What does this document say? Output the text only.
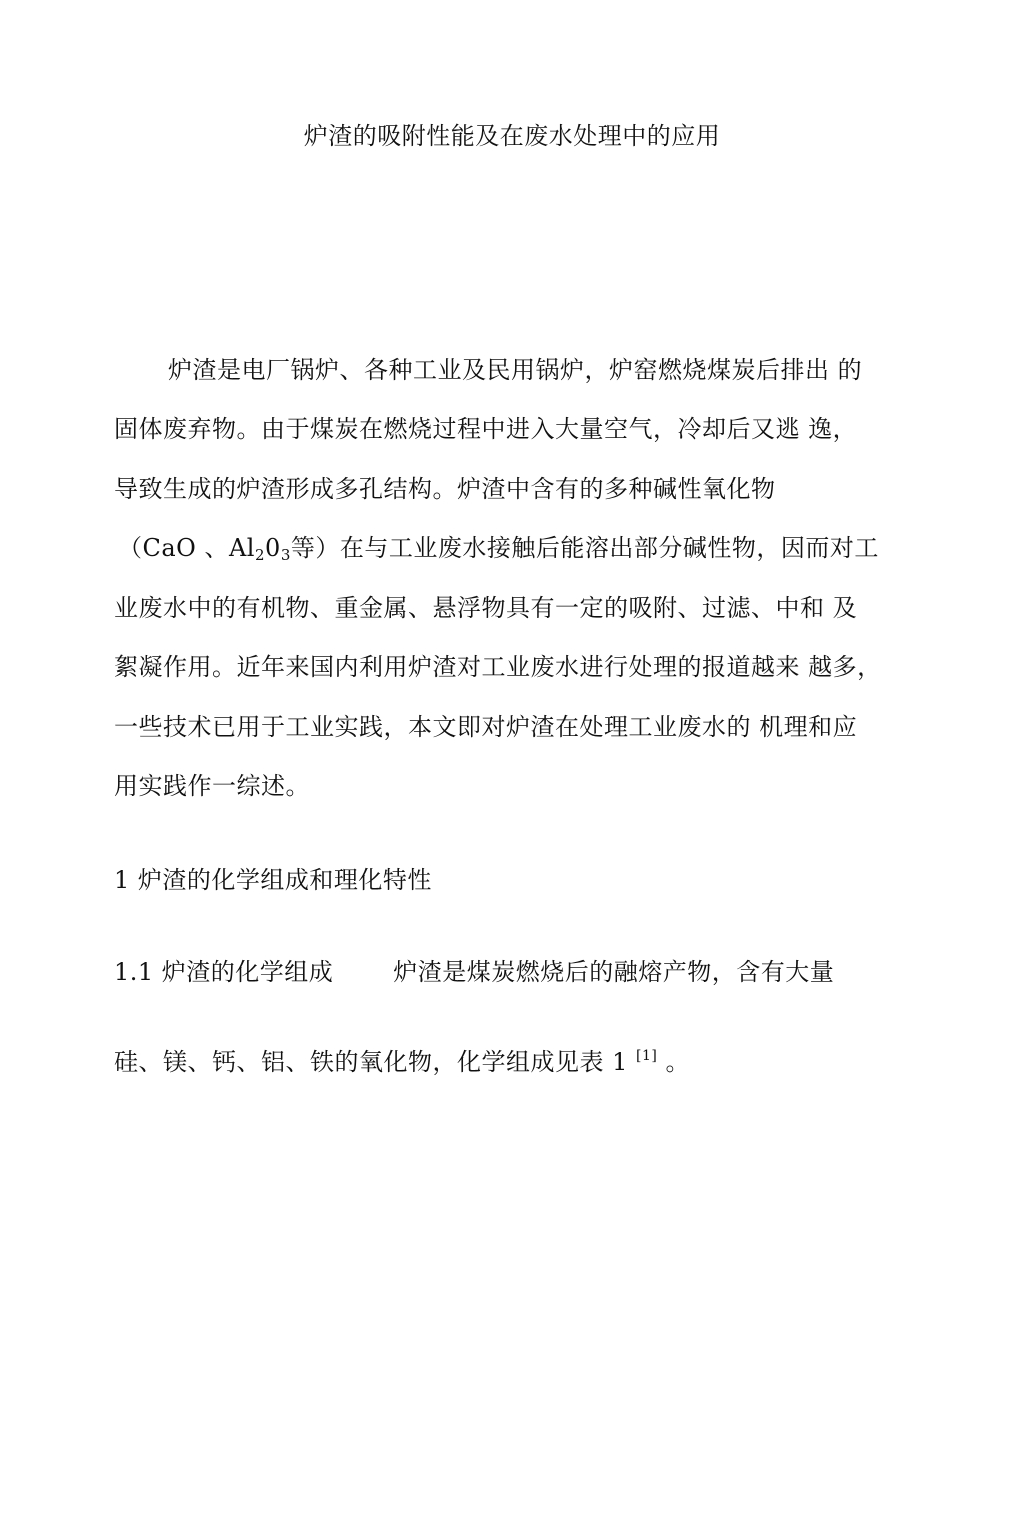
炉渣的吸附性能及在废水处理中的应用
炉渣是电厂锅炉、各种工业及民用锅炉，炉窑燃烧煤炭后排出 的
固体废弃物。由于煤炭在燃烧过程中进入大量空气，冷却后又逃 逸，
导致生成的炉渣形成多孔结构。炉渣中含有的多种碱性氧化物
（CaO 、$Al_20_3$等）在与工业废水接触后能溶出部分碱性物，因而对工
业废水中的有机物、重金属、悬浮物具有一定的吸附、过滤、中和 及
絮凝作用。近年来国内利用炉渣对工业废水进行处理的报道越来 越多，
一些技术已用于工业实践，本文即对炉渣在处理工业废水的 机理和应
用实践作一综述。
1 炉渣的化学组成和理化特性
1.1 炉渣的化学组成	炉渣是煤炭燃烧后的融熔产物，含有大量
硅、镁、钙、铝、铁的氧化物，化学组成见表 1 [1] 。
